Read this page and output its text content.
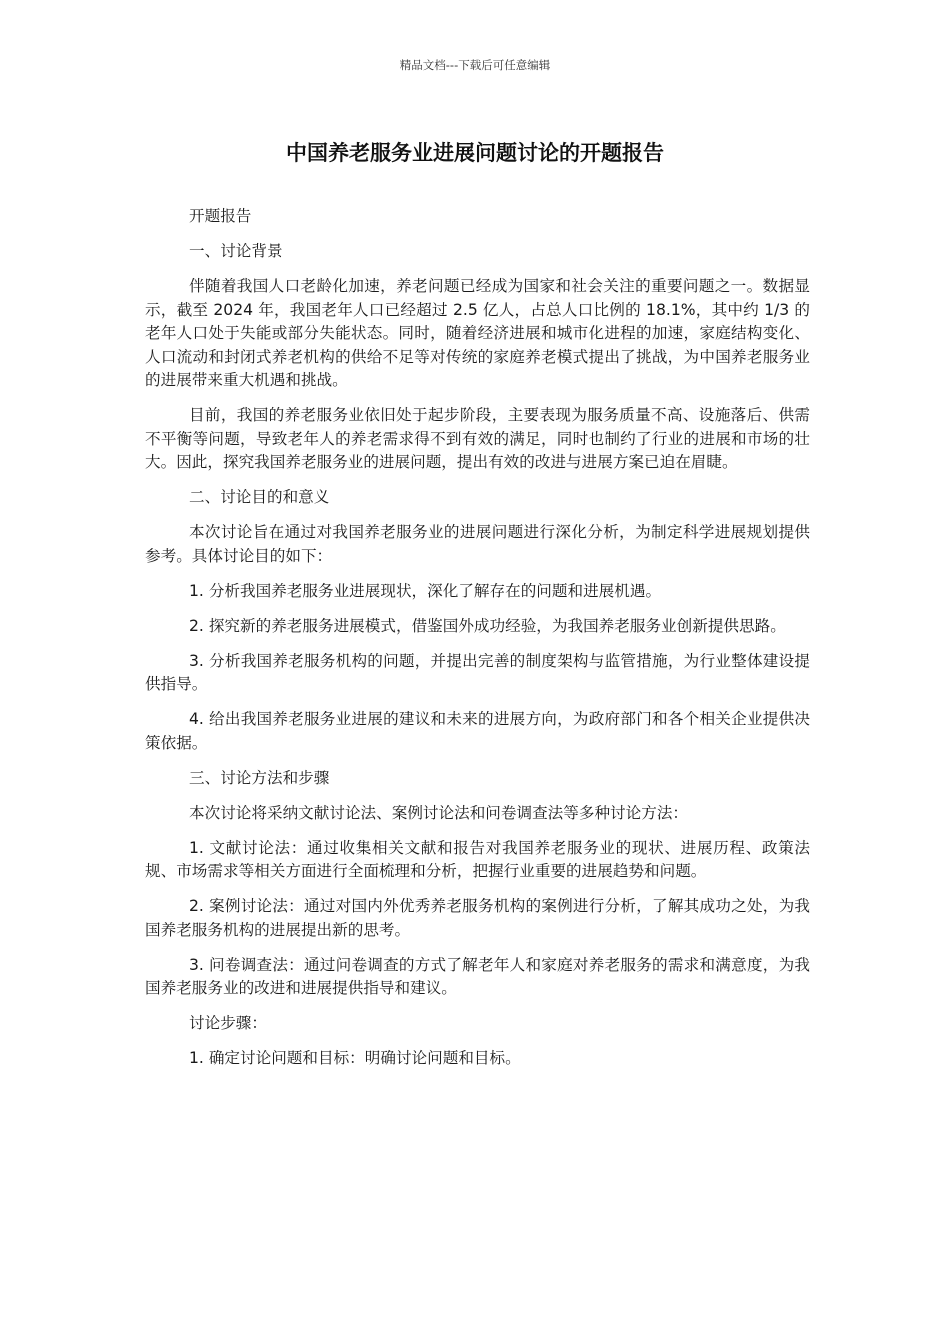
精品文档---下载后可任意编辑
中国养老服务业进展问题讨论的开题报告

开题报告

一、讨论背景

伴随着我国人口老龄化加速，养老问题已经成为国家和社会关注的重要问题之一。数据显示，截至 2024 年，我国老年人口已经超过 2.5 亿人，占总人口比例的 18.1%，其中约 1/3 的老年人口处于失能或部分失能状态。同时，随着经济进展和城市化进程的加速，家庭结构变化、人口流动和封闭式养老机构的供给不足等对传统的家庭养老模式提出了挑战，为中国养老服务业的进展带来重大机遇和挑战。

目前，我国的养老服务业依旧处于起步阶段，主要表现为服务质量不高、设施落后、供需不平衡等问题，导致老年人的养老需求得不到有效的满足，同时也制约了行业的进展和市场的壮大。因此，探究我国养老服务业的进展问题，提出有效的改进与进展方案已迫在眉睫。

二、讨论目的和意义

本次讨论旨在通过对我国养老服务业的进展问题进行深化分析，为制定科学进展规划提供参考。具体讨论目的如下：

1. 分析我国养老服务业进展现状，深化了解存在的问题和进展机遇。

2. 探究新的养老服务进展模式，借鉴国外成功经验，为我国养老服务业创新提供思路。

3. 分析我国养老服务机构的问题，并提出完善的制度架构与监管措施，为行业整体建设提供指导。

4. 给出我国养老服务业进展的建议和未来的进展方向，为政府部门和各个相关企业提供决策依据。

三、讨论方法和步骤

本次讨论将采纳文献讨论法、案例讨论法和问卷调查法等多种讨论方法：

1. 文献讨论法：通过收集相关文献和报告对我国养老服务业的现状、进展历程、政策法规、市场需求等相关方面进行全面梳理和分析，把握行业重要的进展趋势和问题。

2. 案例讨论法：通过对国内外优秀养老服务机构的案例进行分析，了解其成功之处，为我国养老服务机构的进展提出新的思考。

3. 问卷调查法：通过问卷调查的方式了解老年人和家庭对养老服务的需求和满意度，为我国养老服务业的改进和进展提供指导和建议。

讨论步骤：

1. 确定讨论问题和目标：明确讨论问题和目标。
